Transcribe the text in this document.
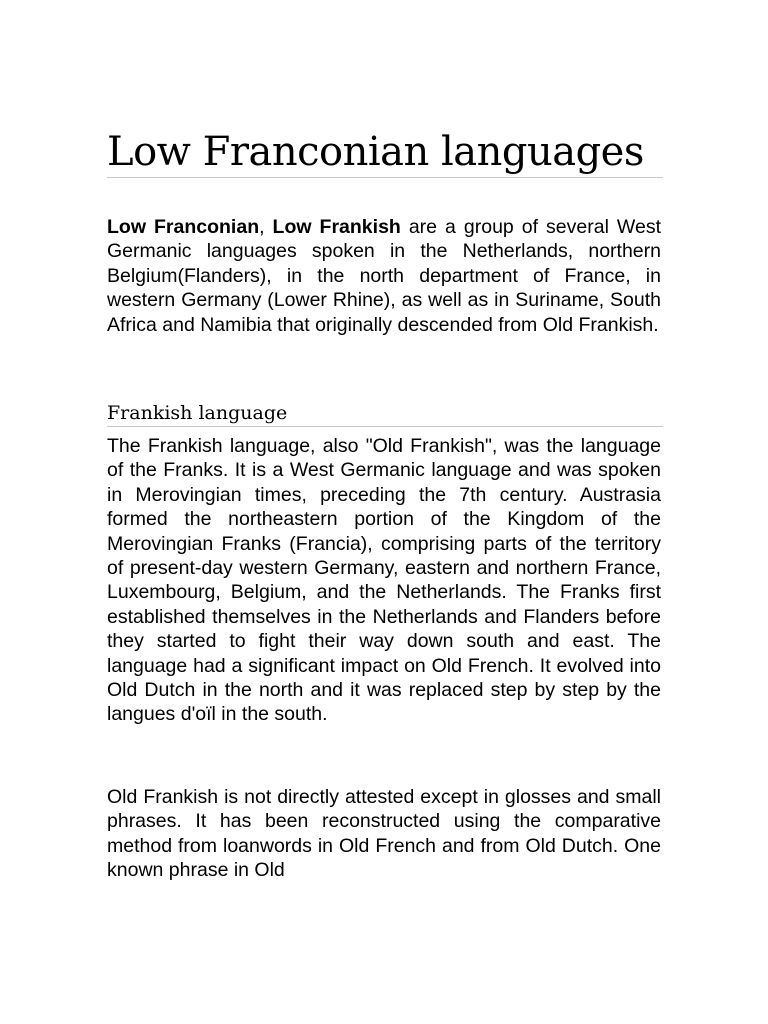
Low Franconian languages

Low Franconian, Low Frankish are a group of several West Germanic languages spoken in the Netherlands, northern Belgium(Flanders), in the north department of France, in western Germany (Lower Rhine), as well as in Suriname, South Africa and Namibia that originally descended from Old Frankish.

Frankish language

The Frankish language, also "Old Frankish", was the language of the Franks. It is a West Germanic language and was spoken in Merovingian times, preceding the 7th century. Austrasia formed the northeastern portion of the Kingdom of the Merovingian Franks (Francia), comprising parts of the territory of present-day western Germany, eastern and northern France, Luxembourg, Belgium, and the Netherlands. The Franks first established themselves in the Netherlands and Flanders before they started to fight their way down south and east. The language had a significant impact on Old French. It evolved into Old Dutch in the north and it was replaced step by step by the langues d'oïl in the south.

Old Frankish is not directly attested except in glosses and small phrases. It has been reconstructed using the comparative method from loanwords in Old French and from Old Dutch. One known phrase in Old
